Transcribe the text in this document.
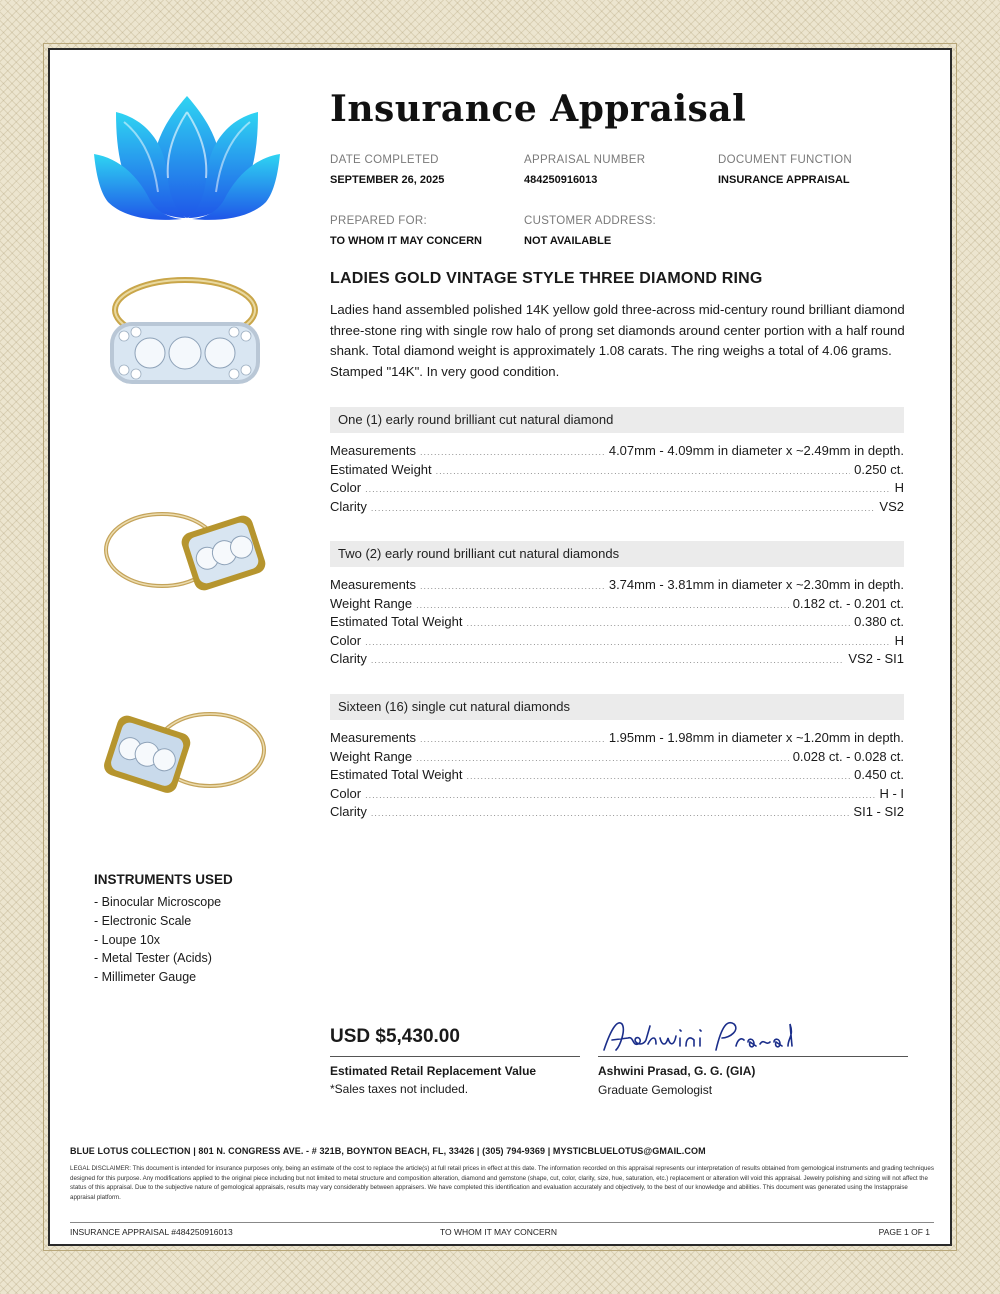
Insurance Appraisal
DATE COMPLETED
SEPTEMBER 26, 2025
APPRAISAL NUMBER
484250916013
DOCUMENT FUNCTION
INSURANCE APPRAISAL
PREPARED FOR:
TO WHOM IT MAY CONCERN
CUSTOMER ADDRESS:
NOT AVAILABLE
LADIES GOLD VINTAGE STYLE THREE DIAMOND RING
Ladies hand assembled polished 14K yellow gold three-across mid-century round brilliant diamond three-stone ring with single row halo of prong set diamonds around center portion with a half round shank. Total diamond weight is approximately 1.08 carats. The ring weighs a total of 4.06 grams. Stamped "14K". In very good condition.
One (1) early round brilliant cut natural diamond
Measurements .....	4.07mm - 4.09mm in diameter x ~2.49mm in depth.
Estimated Weight .....	0.250 ct.
Color .....	H
Clarity .....	VS2
Two (2) early round brilliant cut natural diamonds
Measurements .....	3.74mm - 3.81mm in diameter x ~2.30mm in depth.
Weight Range .....	0.182 ct. - 0.201 ct.
Estimated Total Weight .....	0.380 ct.
Color .....	H
Clarity .....	VS2 - SI1
Sixteen (16) single cut natural diamonds
Measurements .....	1.95mm - 1.98mm in diameter x ~1.20mm in depth.
Weight Range .....	0.028 ct. - 0.028 ct.
Estimated Total Weight .....	0.450 ct.
Color .....	H - I
Clarity .....	SI1 - SI2
INSTRUMENTS USED
- Binocular Microscope
- Electronic Scale
- Loupe 10x
- Metal Tester (Acids)
- Millimeter Gauge
USD $5,430.00
Estimated Retail Replacement Value
*Sales taxes not included.
Ashwini Prasad, G. G. (GIA)
Graduate Gemologist
BLUE LOTUS COLLECTION | 801 N. CONGRESS AVE. - # 321B, BOYNTON BEACH, FL, 33426 | (305) 794-9369 | MYSTICBLUELOTUS@GMAIL.COM
LEGAL DISCLAIMER: This document is intended for insurance purposes only, being an estimate of the cost to replace the article(s) at full retail prices in effect at this date. The information recorded on this appraisal represents our interpretation of results obtained from gemological instruments and grading techniques designed for this purpose. Any modifications applied to the original piece including but not limited to metal structure and composition alteration, diamond and gemstone (shape, cut, color, clarity, size, hue, saturation, etc.) replacement or alteration will void this appraisal. Jewelry polishing and sizing will not affect the status of this appraisal. Due to the subjective nature of gemological appraisals, results may vary considerably between appraisers. We have completed this identification and evaluation accurately and objectively, to the best of our knowledge and abilities. This document was generated using the Instappraise appraisal platform.
INSURANCE APPRAISAL #484250916013	TO WHOM IT MAY CONCERN	PAGE 1 OF 1
